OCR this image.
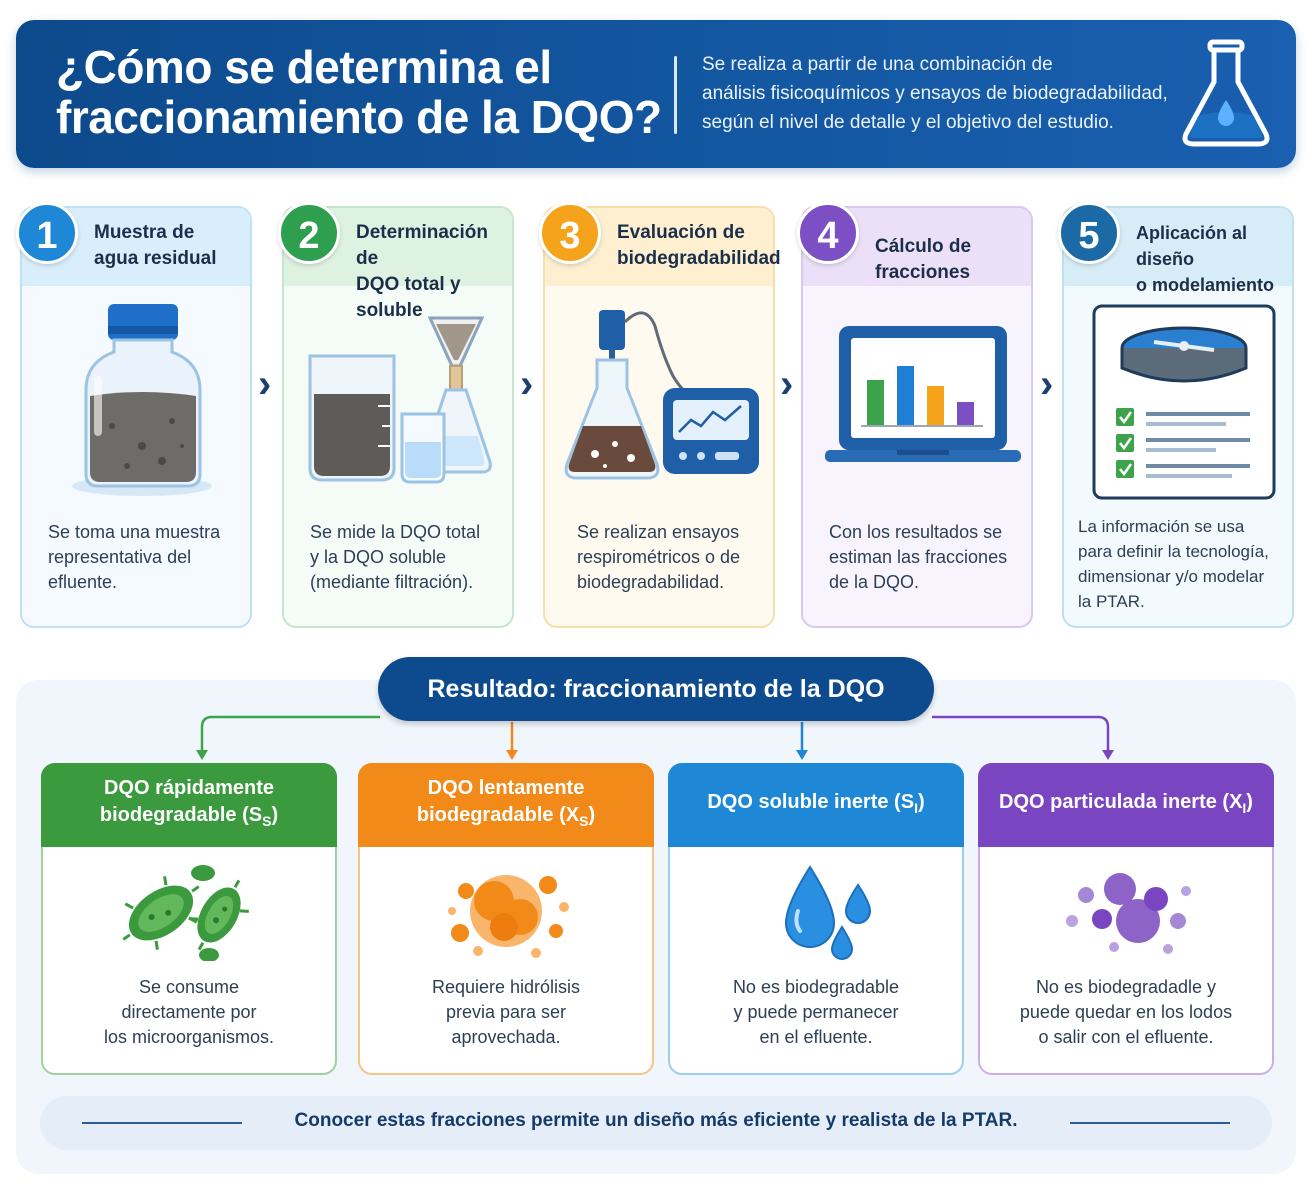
¿Cómo se determina el
fraccionamiento de la DQO?
Se realiza a partir de una combinación de
análisis fisicoquímicos y ensayos de biodegradabilidad,
según el nivel de detalle y el objetivo del estudio.
1	Muestra de
agua residual
Se toma una muestra
representativa del
efluente.
›
2	Determinación de
DQO total y soluble
Se mide la DQO total
y la DQO soluble
(mediante filtración).
›
3	Evaluación de
biodegradabilidad
Se realizan ensayos
respirométricos o de
biodegradabilidad.
›
4	Cálculo de fracciones
Con los resultados se
estiman las fracciones
de la DQO.
›
5	Aplicación al diseño
o modelamiento
La información se usa
para definir la tecnología,
dimensionar y/o modelar
la PTAR.
Resultado: fraccionamiento de la DQO
DQO rápidamente
biodegradable $(S_S)$
Se consume
directamente por
los microorganismos.
DQO lentamente
biodegradable $(X_S)$
Requiere hidrólisis
previa para ser
aprovechada.
DQO soluble inerte $(S_I)$
No es biodegradable
y puede permanecer
en el efluente.
DQO particulada inerte $(X_I)$
No es biodegradadle y
puede quedar en los lodos
o salir con el efluente.
Conocer estas fracciones permite un diseño más eficiente y realista de la PTAR.
